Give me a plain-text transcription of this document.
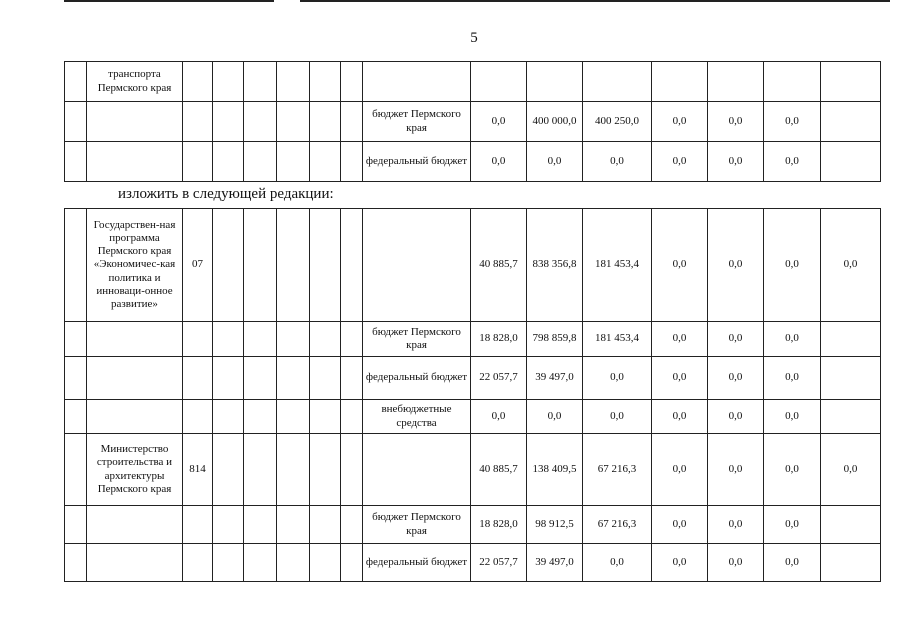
5
	транспорта Пермского края														
								бюджет Пермского края	0,0	400 000,0	400 250,0	0,0	0,0	0,0	
								федеральный бюджет	0,0	0,0	0,0	0,0	0,0	0,0	
изложить в следующей редакции:
	Государствен-ная программа Пермского края «Экономичес-кая политика и инноваци-онное развитие»	07							40 885,7	838 356,8	181 453,4	0,0	0,0	0,0	0,0
								бюджет Пермского края	18 828,0	798 859,8	181 453,4	0,0	0,0	0,0	
								федеральный бюджет	22 057,7	39 497,0	0,0	0,0	0,0	0,0	
								внебюджетные средства	0,0	0,0	0,0	0,0	0,0	0,0	
	Министерство строительства и архитектуры Пермского края	814							40 885,7	138 409,5	67 216,3	0,0	0,0	0,0	0,0
								бюджет Пермского края	18 828,0	98 912,5	67 216,3	0,0	0,0	0,0	
								федеральный бюджет	22 057,7	39 497,0	0,0	0,0	0,0	0,0	
